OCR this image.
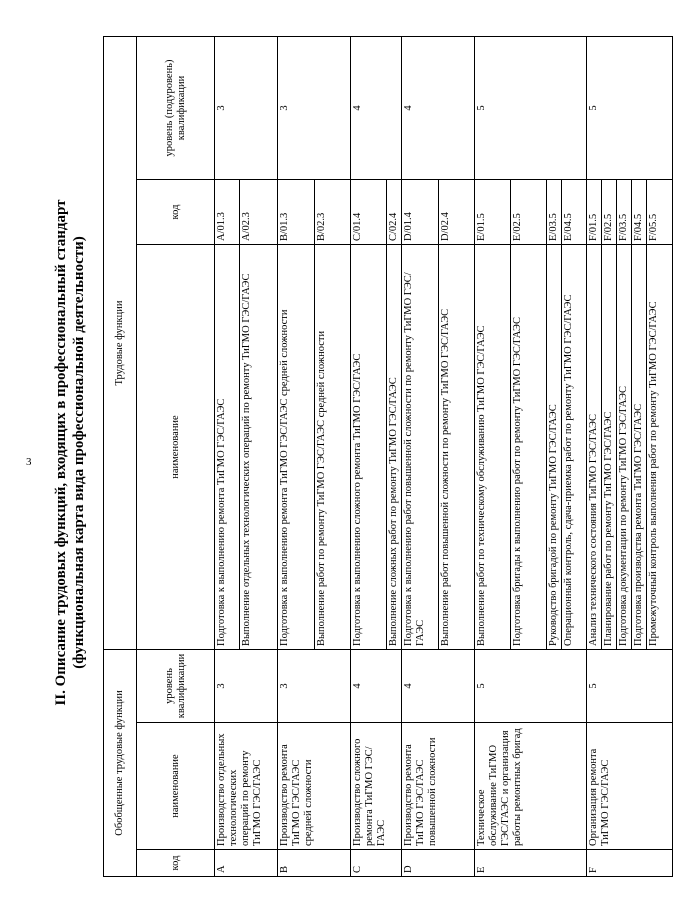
3 II. Описание трудовых функций, входящих в профессиональный стандарт (функциональная карта вида профессиональной деятельности)
Обобщенные трудовые функции			Трудовые функции		
код	наименование	уровень квалификации	наименование	код	уровень (подуровень) квалификации
A	Производство отдельных технологических операций по ремонту ТиГМО ГЭС/ГАЭС	3	Подготовка к выполнению ремонта ТиГМО ГЭС/ГАЭС	A/01.3	3
			Выполнение отдельных технологических операций по ремонту ТиГМО ГЭС/ГАЭС	A/02.3	
B	Производство ремонта ТиГМО ГЭС/ГАЭС средней сложности	3	Подготовка к выполнению ремонта ТиГМО ГЭС/ГАЭС средней сложности	B/01.3	3
			Выполнение работ по ремонту ТиГМО ГЭС/ГАЭС средней сложности	B/02.3	
C	Производство сложного ремонта ТиГМО ГЭС/ГАЭС	4	Подготовка к выполнению сложного ремонта ТиГМО ГЭС/ГАЭС	C/01.4	4
			Выполнение сложных работ по ремонту ТиГМО ГЭС/ГАЭС	C/02.4	
D	Производство ремонта ТиГМО ГЭС/ГАЭС повышенной сложности	4	Подготовка к выполнению работ повышенной сложности по ремонту ТиГМО ГЭС/ГАЭС	D/01.4	4
			Выполнение работ повышенной сложности по ремонту ТиГМО ГЭС/ГАЭС	D/02.4	
E	Техническое обслуживание ТиГМО ГЭС/ГАЭС и организация работы ремонтных бригад	5	Выполнение работ по техническому обслуживанию ТиГМО ГЭС/ГАЭС	E/01.5	5
			Подготовка бригады к выполнению работ по ремонту ТиГМО ГЭС/ГАЭС	E/02.5	
			Руководство бригадой по ремонту ТиГМО ГЭС/ГАЭС	E/03.5	
			Операционный контроль, сдача-приемка работ по ремонту ТиГМО ГЭС/ГАЭС	E/04.5	
F	Организация ремонта ТиГМО ГЭС/ГАЭС	5	Анализ технического состояния ТиГМО ГЭС/ГАЭС	F/01.5	5
			Планирование работ по ремонту ТиГМО ГЭС/ГАЭС	F/02.5	
			Подготовка документации по ремонту ТиГМО ГЭС/ГАЭС	F/03.5	
			Подготовка производства ремонта ТиГМО ГЭС/ГАЭС	F/04.5	
			Промежуточный контроль выполнения работ по ремонту ТиГМО ГЭС/ГАЭС	F/05.5	
